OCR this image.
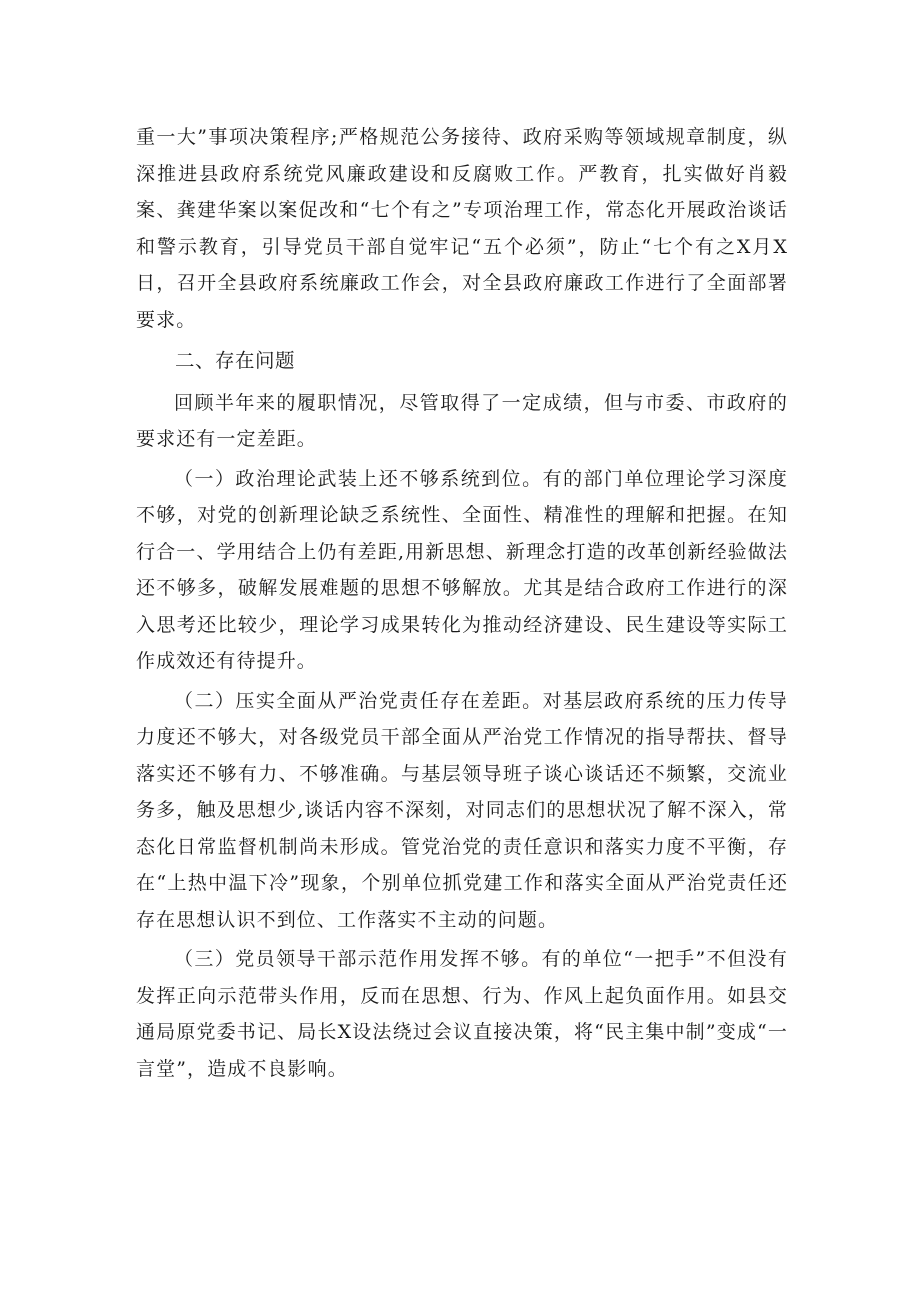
重一大”事项决策程序;严格规范公务接待、政府采购等领域规章制度，纵深推进县政府系统党风廉政建设和反腐败工作。严教育，扎实做好肖毅案、龚建华案以案促改和“七个有之”专项治理工作，常态化开展政治谈话和警示教育，引导党员干部自觉牢记“五个必须”，防止“七个有之X月X日，召开全县政府系统廉政工作会，对全县政府廉政工作进行了全面部署要求。

二、存在问题

回顾半年来的履职情况，尽管取得了一定成绩，但与市委、市政府的要求还有一定差距。

（一）政治理论武装上还不够系统到位。有的部门单位理论学习深度不够，对党的创新理论缺乏系统性、全面性、精准性的理解和把握。在知行合一、学用结合上仍有差距,用新思想、新理念打造的改革创新经验做法还不够多，破解发展难题的思想不够解放。尤其是结合政府工作进行的深入思考还比较少，理论学习成果转化为推动经济建设、民生建设等实际工作成效还有待提升。

（二）压实全面从严治党责任存在差距。对基层政府系统的压力传导力度还不够大，对各级党员干部全面从严治党工作情况的指导帮扶、督导落实还不够有力、不够准确。与基层领导班子谈心谈话还不频繁，交流业务多，触及思想少,谈话内容不深刻，对同志们的思想状况了解不深入，常态化日常监督机制尚未形成。管党治党的责任意识和落实力度不平衡，存在“上热中温下冷”现象，个别单位抓党建工作和落实全面从严治党责任还存在思想认识不到位、工作落实不主动的问题。

（三）党员领导干部示范作用发挥不够。有的单位“一把手”不但没有发挥正向示范带头作用，反而在思想、行为、作风上起负面作用。如县交通局原党委书记、局长X设法绕过会议直接决策，将“民主集中制”变成“一言堂”，造成不良影响。
